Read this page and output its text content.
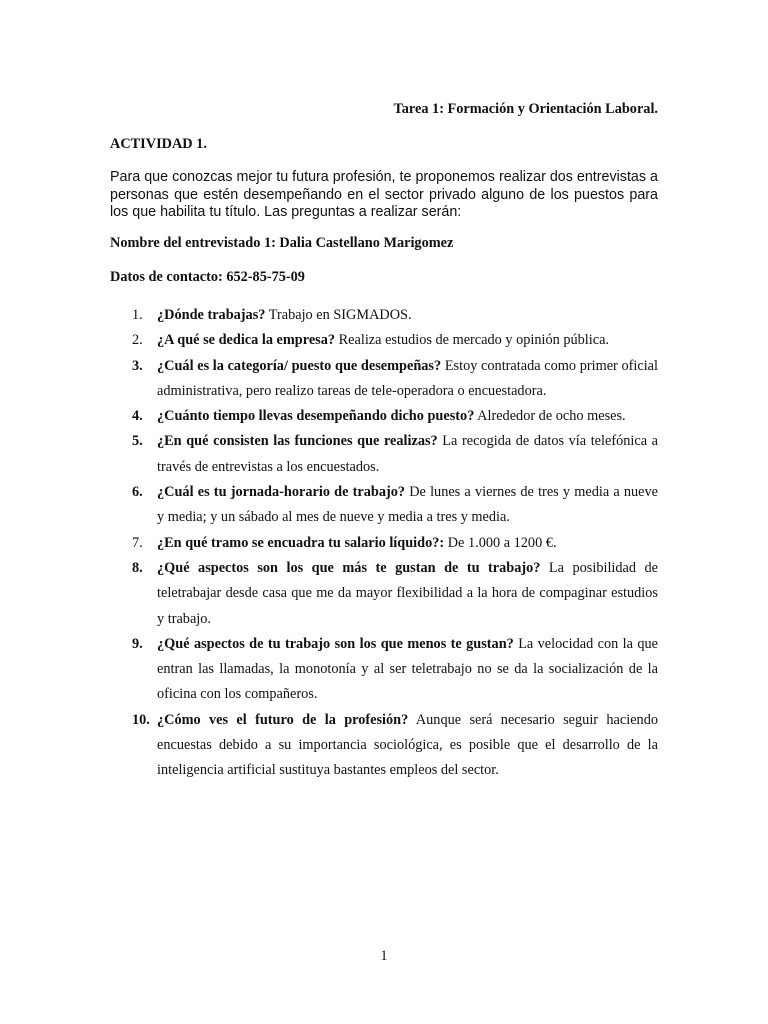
Tarea 1: Formación y Orientación Laboral.

ACTIVIDAD 1.

Para que conozcas mejor tu futura profesión, te proponemos realizar dos entrevistas a personas que estén desempeñando en el sector privado alguno de los puestos para los que habilita tu título. Las preguntas a realizar serán:

Nombre del entrevistado 1: Dalia Castellano Marigomez

Datos de contacto: 652-85-75-09

1. ¿Dónde trabajas? Trabajo en SIGMADOS.
2. ¿A qué se dedica la empresa? Realiza estudios de mercado y opinión pública.
3. ¿Cuál es la categoría/ puesto que desempeñas? Estoy contratada como primer oficial administrativa, pero realizo tareas de tele-operadora o encuestadora.
4. ¿Cuánto tiempo llevas desempeñando dicho puesto? Alrededor de ocho meses.
5. ¿En qué consisten las funciones que realizas? La recogida de datos vía telefónica a través de entrevistas a los encuestados.
6. ¿Cuál es tu jornada-horario de trabajo? De lunes a viernes de tres y media a nueve y media; y un sábado al mes de nueve y media a tres y media.
7. ¿En qué tramo se encuadra tu salario líquido?: De 1.000 a 1200 €.
8. ¿Qué aspectos son los que más te gustan de tu trabajo? La posibilidad de teletrabajar desde casa que me da mayor flexibilidad a la hora de compaginar estudios y trabajo.
9. ¿Qué aspectos de tu trabajo son los que menos te gustan? La velocidad con la que entran las llamadas, la monotonía y al ser teletrabajo no se da la socialización de la oficina con los compañeros.
10. ¿Cómo ves el futuro de la profesión? Aunque será necesario seguir haciendo encuestas debido a su importancia sociológica, es posible que el desarrollo de la inteligencia artificial sustituya bastantes empleos del sector.

1
